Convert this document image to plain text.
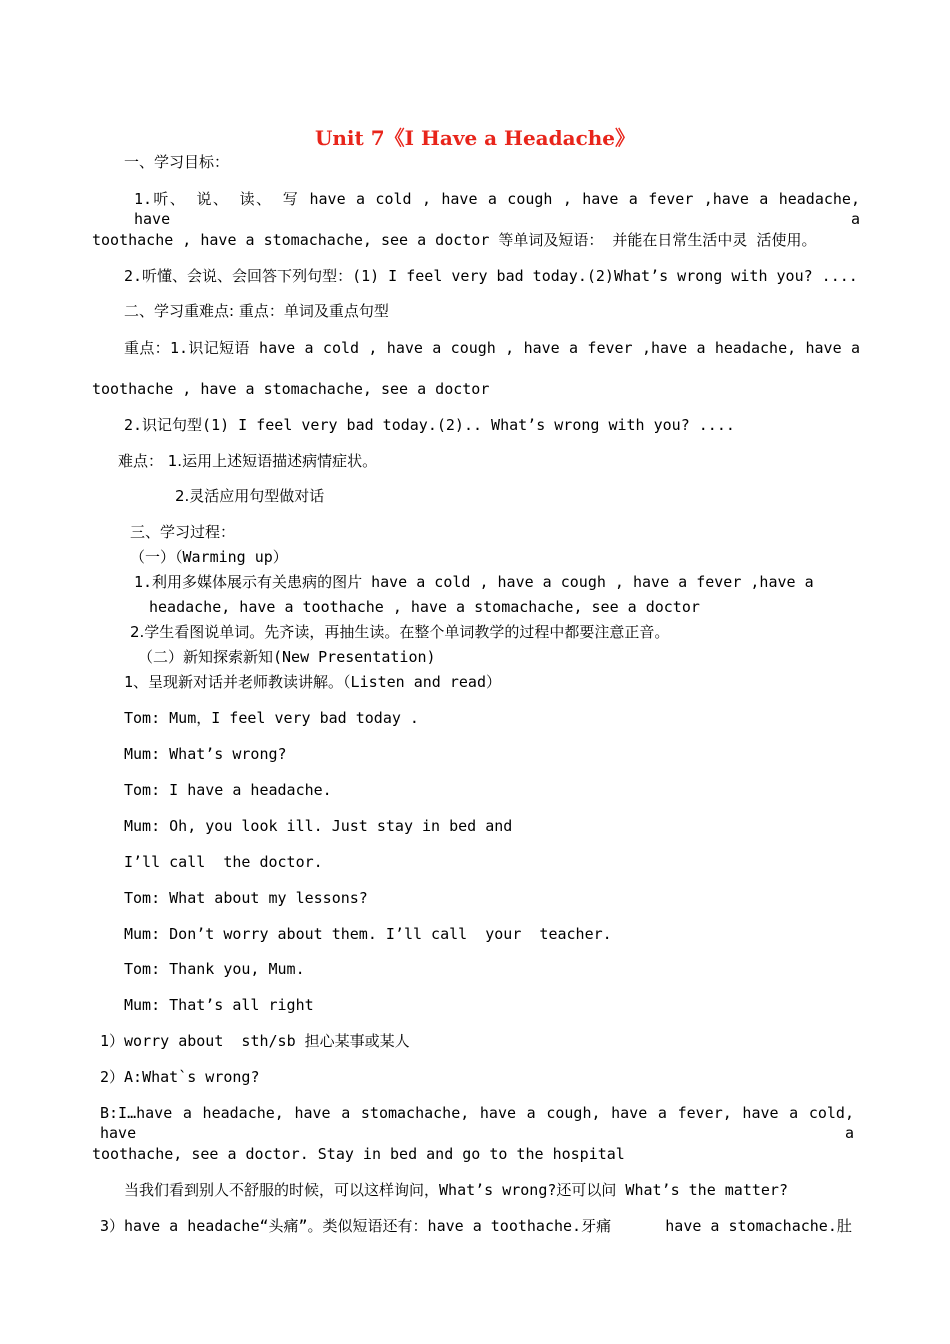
Unit 7《I Have a Headache》
一、学习目标：
1.听、 说、 读、 写 have a cold , have a cough , have a fever ,have a headache, have a
toothache , have a stomachache, see a doctor 等单词及短语： 并能在日常生活中灵 活使用。
2.听懂、会说、会回答下列句型：(1) I feel very bad today.(2)What’s wrong with you? ....
二、学习重难点: 重点：单词及重点句型
重点：1.识记短语 have a cold , have a cough , have a fever ,have a headache, have a
toothache , have a stomachache, see a doctor
2.识记句型(1) I feel very bad today.(2).. What’s wrong with you? ....
难点： 1.运用上述短语描述病情症状。
2.灵活应用句型做对话
三、学习过程：
（一）（Warming up）
1.利用多媒体展示有关患病的图片 have a cold , have a cough , have a fever ,have a
headache, have a toothache , have a stomachache, see a doctor
2.学生看图说单词。先齐读，再抽生读。在整个单词教学的过程中都要注意正音。
（二）新知探索新知(New Presentation)
1、呈现新对话并老师教读讲解。（Listen and read）
Tom: Mum，I feel very bad today .
Mum: What’s wrong?
Tom: I have a headache.
Mum: Oh, you look ill. Just stay in bed and
I’ll call  the doctor.
Tom: What about my lessons?
Mum: Don’t worry about them. I’ll call  your  teacher.
Tom: Thank you, Mum.
Mum: That’s all right
1）worry about  sth/sb 担心某事或某人
2）A:What`s wrong?
B:I…have a headache, have a stomachache, have a cough, have a fever, have a cold, have a
toothache, see a doctor. Stay in bed and go to the hospital
当我们看到别人不舒服的时候，可以这样询问，What’s wrong?还可以问 What’s the matter?
3）have a headache“头痛”。类似短语还有：have a toothache.牙痛      have a stomachache.肚
